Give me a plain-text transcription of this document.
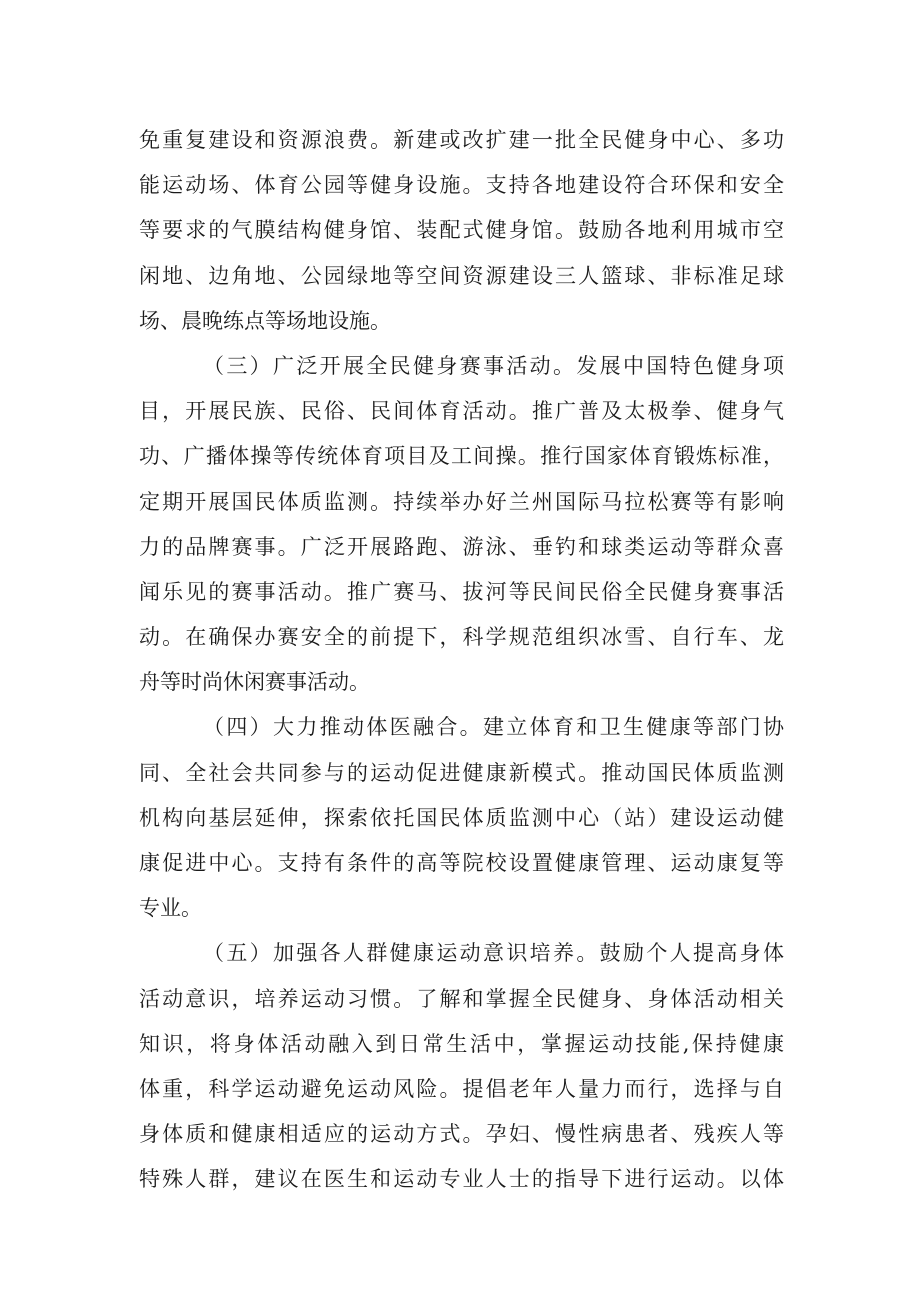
免重复建设和资源浪费。新建或改扩建一批全民健身中心、多功
能运动场、体育公园等健身设施。支持各地建设符合环保和安全
等要求的气膜结构健身馆、装配式健身馆。鼓励各地利用城市空
闲地、边角地、公园绿地等空间资源建设三人篮球、非标准足球
场、晨晚练点等场地设施。
（三）广泛开展全民健身赛事活动。发展中国特色健身项
目，开展民族、民俗、民间体育活动。推广普及太极拳、健身气
功、广播体操等传统体育项目及工间操。推行国家体育锻炼标准，
定期开展国民体质监测。持续举办好兰州国际马拉松赛等有影响
力的品牌赛事。广泛开展路跑、游泳、垂钓和球类运动等群众喜
闻乐见的赛事活动。推广赛马、拔河等民间民俗全民健身赛事活
动。在确保办赛安全的前提下，科学规范组织冰雪、自行车、龙
舟等时尚休闲赛事活动。
（四）大力推动体医融合。建立体育和卫生健康等部门协
同、全社会共同参与的运动促进健康新模式。推动国民体质监测
机构向基层延伸，探索依托国民体质监测中心（站）建设运动健
康促进中心。支持有条件的高等院校设置健康管理、运动康复等
专业。
（五）加强各人群健康运动意识培养。鼓励个人提高身体
活动意识，培养运动习惯。了解和掌握全民健身、身体活动相关
知识，将身体活动融入到日常生活中，掌握运动技能,保持健康
体重，科学运动避免运动风险。提倡老年人量力而行，选择与自
身体质和健康相适应的运动方式。孕妇、慢性病患者、残疾人等
特殊人群，建议在医生和运动专业人士的指导下进行运动。以体
